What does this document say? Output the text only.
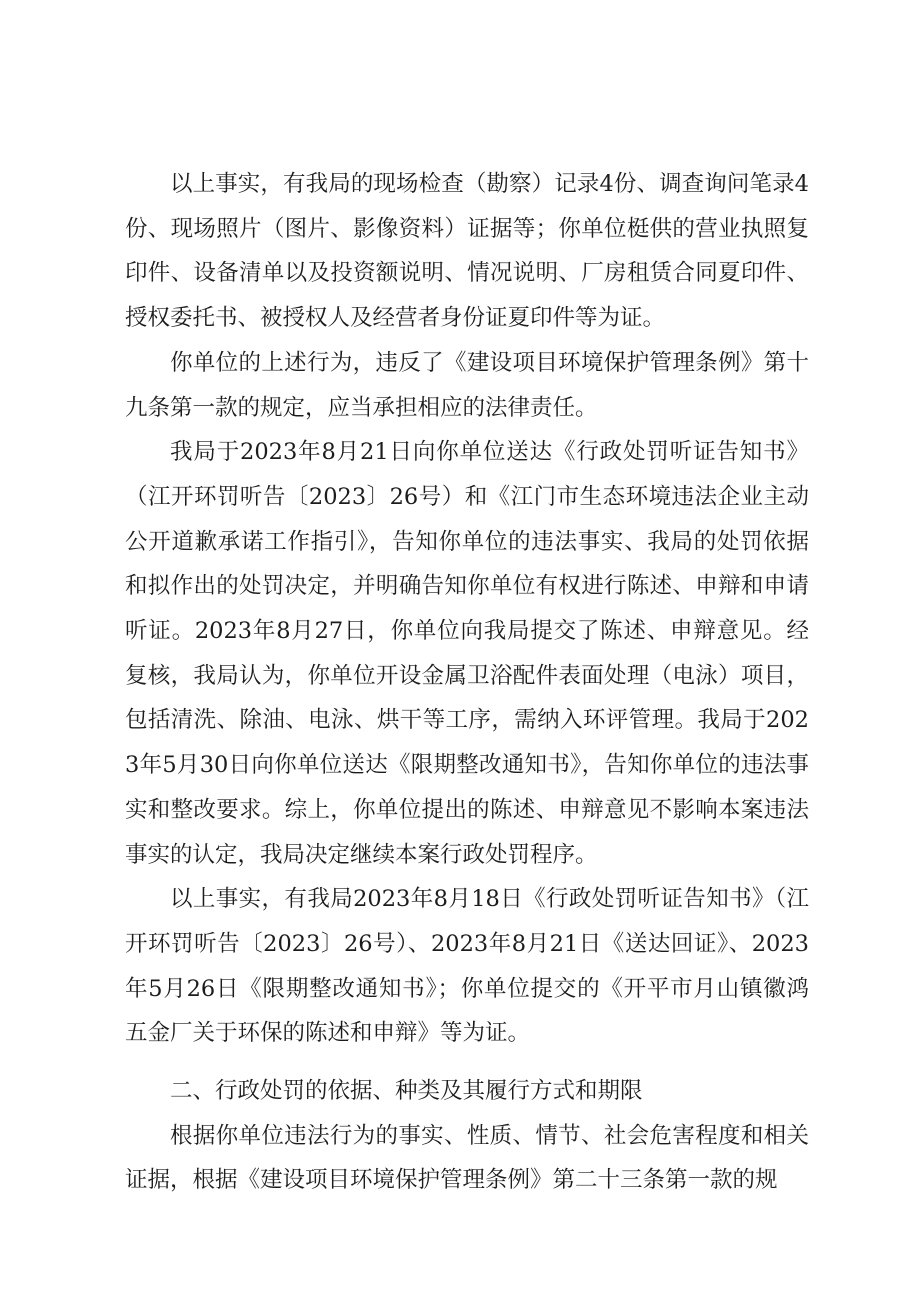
以上事实，有我局的现场检查（勘察）记录4份、调查询问笔录4份、现场照片（图片、影像资料）证据等；你单位梃供的营业执照复印件、设备清单以及投资额说明、情况说明、厂房租赁合同夏印件、授权委托书、被授权人及经营者身份证夏印件等为证。

你单位的上述行为，违反了《建设项目环境保护管理条例》第十九条第一款的规定，应当承担相应的法律责任。

我局于2023年8月21日向你单位送达《行政处罚听证告知书》（江开环罚听告〔2023〕26号）和《江门市生态环境违法企业主动公开道歉承诺工作指引》，告知你单位的违法事实、我局的处罚依据和拟作出的处罚决定，并明确告知你单位有权进行陈述、申辩和申请听证。2023年8月27日，你单位向我局提交了陈述、申辩意见。经复核，我局认为，你单位开设金属卫浴配件表面处理（电泳）项目，包括清洗、除油、电泳、烘干等工序，需纳入环评管理。我局于2023年5月30日向你单位送达《限期整改通知书》，告知你单位的违法事实和整改要求。综上，你单位提出的陈述、申辩意见不影响本案违法事实的认定，我局决定继续本案行政处罚程序。

以上事实，有我局2023年8月18日《行政处罚听证告知书》（江开环罚听告〔2023〕26号）、2023年8月21日《送达回证》、2023年5月26日《限期整改通知书》；你单位提交的《开平市月山镇徽鸿五金厂关于环保的陈述和申辩》等为证。

二、行政处罚的依据、种类及其履行方式和期限

根据你单位违法行为的事实、性质、情节、社会危害程度和相关证据，根据《建设项目环境保护管理条例》第二十三条第一款的规
